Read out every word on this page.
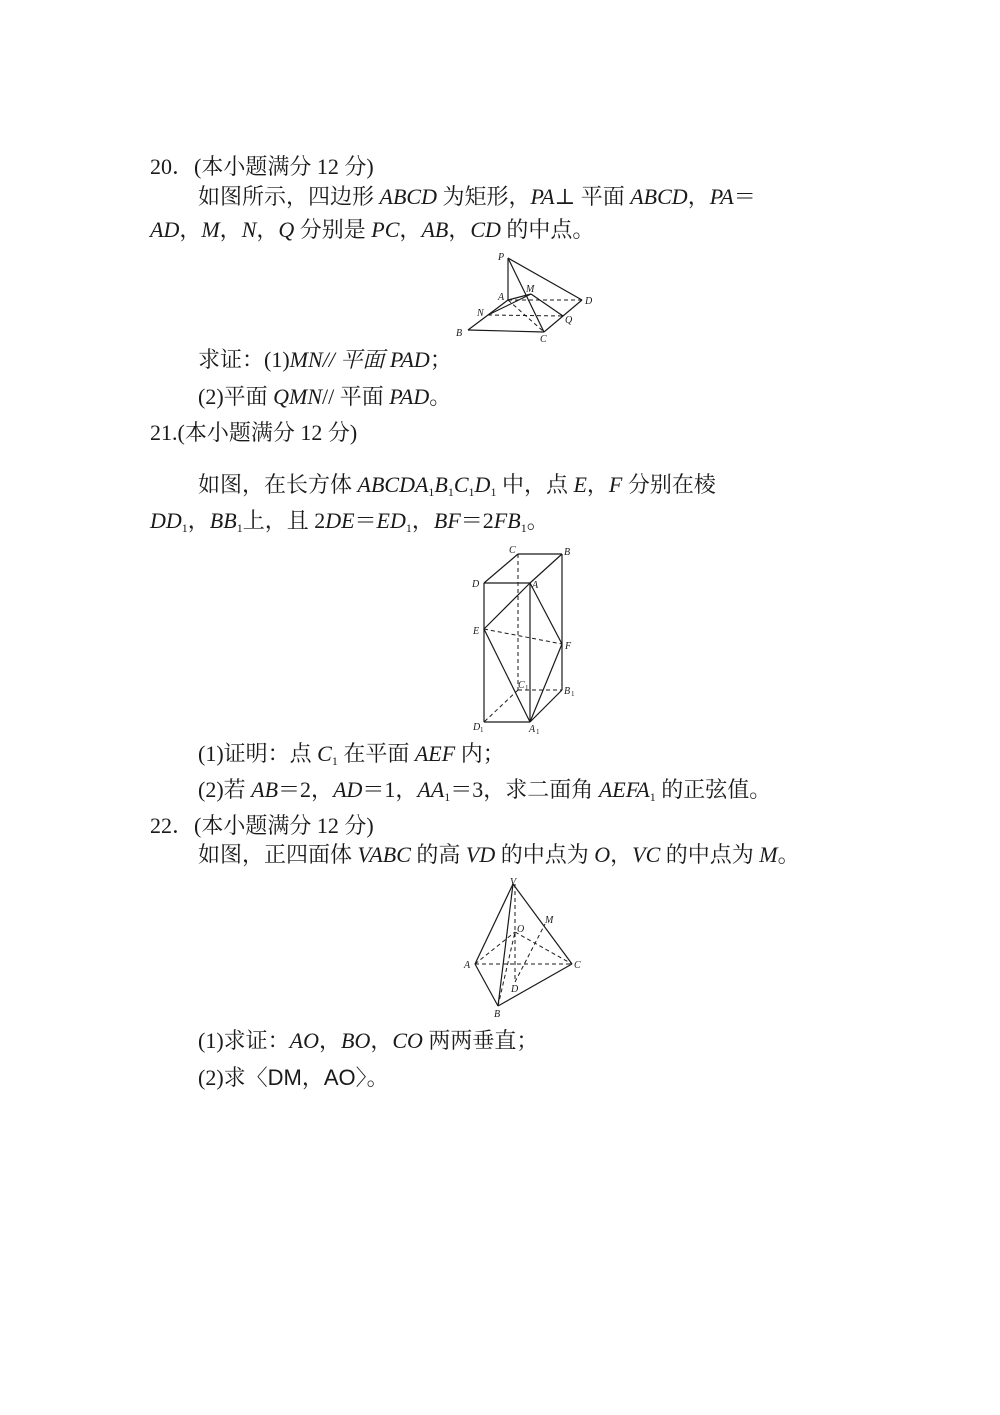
20．(本小题满分 12 分)
如图所示，四边形 ABCD 为矩形，PA⊥ 平面 ABCD，PA＝
AD，M，N，Q 分别是 PC，AB，CD 的中点。
P
A
M
D
N
Q
B
C
求证：(1)MN// 平面 PAD；
(2)平面 QMN// 平面 PAD。
21.(本小题满分 12 分)
如图，在长方体 $ABCDA_1B_1C_1D_1$ 中，点 E，F 分别在棱
$DD_1$，$BB_1$上，且 $2DE=ED_1$，$BF=2FB_1$。
C	B
D	A
E
F
C 1	B 1
D 1	A 1
(1)证明：点 $C_1$ 在平面 AEF 内；
(2)若 AB＝2，AD＝1，$AA_1=3$，求二面角 $AEFA_1$ 的正弦值。
22．(本小题满分 12 分)
如图，正四面体 VABC 的高 VD 的中点为 O，VC 的中点为 M。
V
M
O
A	C
D
B
(1)求证：AO，BO，CO 两两垂直；
(2)求〈DM，AO〉。
